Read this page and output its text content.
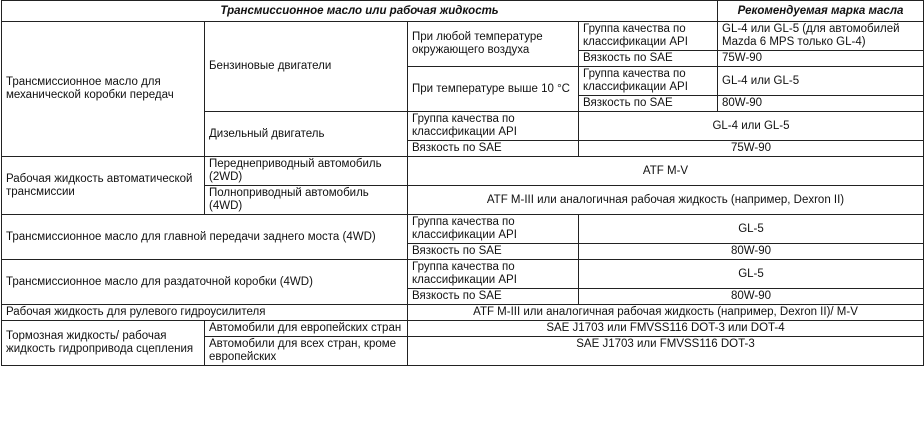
Трансмиссионное масло или рабочая жидкость				Рекомендуемая марка масла
Трансмиссионное масло для механической коробки передач	Бензиновые двигатели	При любой температуре окружающего воздуха	Группа качества по классификации API	GL-4 или GL-5 (для автомобилей Mazda 6 MPS только GL-4)
			Вязкость по SAE	75W-90
		При температуре выше 10 °C	Группа качества по классификации API	GL-4 или GL-5
			Вязкость по SAE	80W-90
	Дизельный двигатель	Группа качества по классификации API	GL-4 или GL-5	
		Вязкость по SAE	75W-90	
Рабочая жидкость автоматической трансмиссии	Переднеприводный автомобиль (2WD)	ATF M-V		
	Полноприводный автомобиль (4WD)	ATF M-III или аналогичная рабочая жидкость (например, Dexron II)		
Трансмиссионное масло для главной передачи заднего моста (4WD)		Группа качества по классификации API	GL-5	
		Вязкость по SAE	80W-90	
Трансмиссионное масло для раздаточной коробки (4WD)		Группа качества по классификации API	GL-5	
		Вязкость по SAE	80W-90	
Рабочая жидкость для рулевого гидроусилителя		ATF M-III или аналогичная рабочая жидкость (например, Dexron II)/ M-V		
Тормозная жидкость/ рабочая жидкость гидропривода сцепления	Автомобили для европейских стран	SAE J1703 или FMVSS116 DOT-3 или DOT-4		
	Автомобили для всех стран, кроме европейских	SAE J1703 или FMVSS116 DOT-3		
